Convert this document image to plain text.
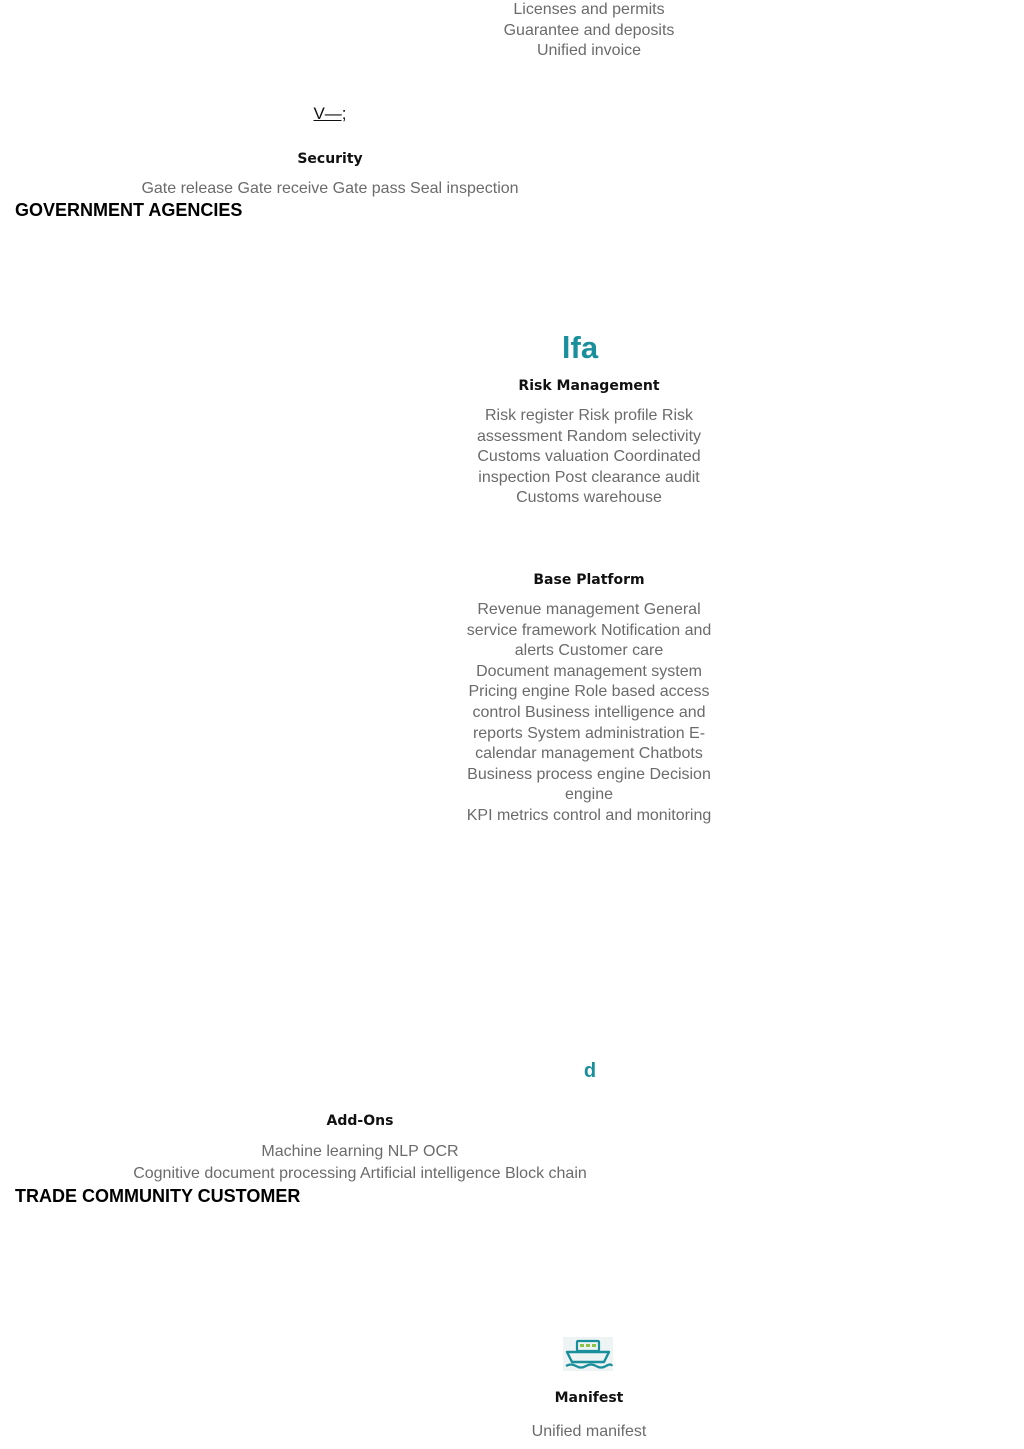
Licenses and permits
Guarantee and deposits
Unified invoice
V—;
Security
Gate release Gate receive Gate pass Seal inspection
GOVERNMENT AGENCIES
lfa
Risk Management
Risk register Risk profile Risk
assessment Random selectivity
Customs valuation Coordinated
inspection Post clearance audit
Customs warehouse
Base Platform
Revenue management General
service framework Notification and
alerts Customer care
Document management system
Pricing engine Role based access
control Business intelligence and
reports System administration E-
calendar management Chatbots
Business process engine Decision
engine
KPI metrics control and monitoring
d
Add-Ons
Machine learning NLP OCR
Cognitive document processing Artificial intelligence Block chain
TRADE COMMUNITY CUSTOMER
Manifest
Unified manifest
